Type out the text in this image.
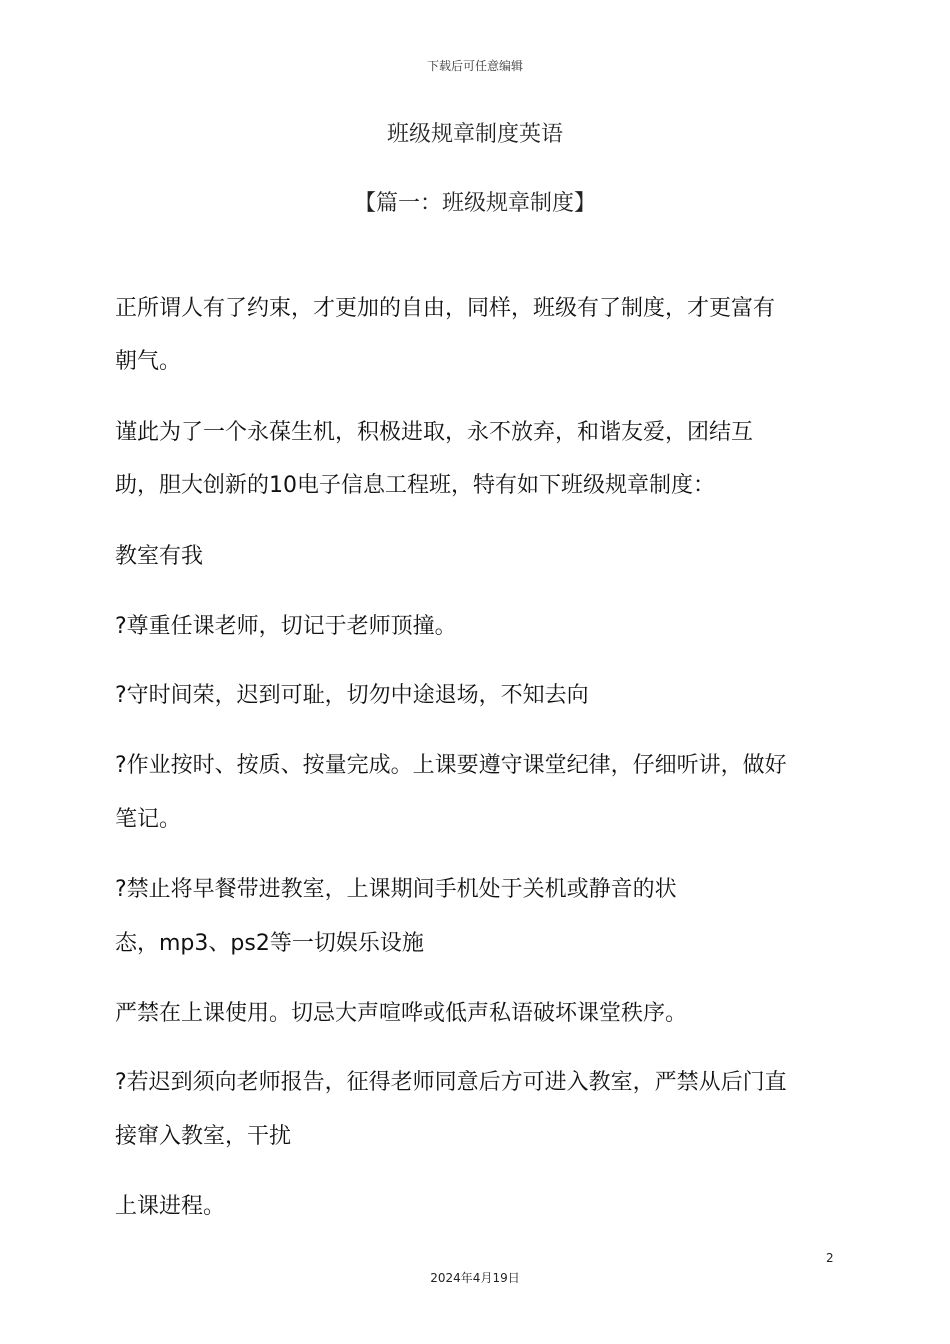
下载后可任意编辑
班级规章制度英语
【篇一：班级规章制度】
正所谓人有了约束，才更加的自由，同样，班级有了制度，才更富有
朝气。
谨此为了一个永葆生机，积极进取，永不放弃，和谐友爱，团结互
助，胆大创新的10电子信息工程班，特有如下班级规章制度：
教室有我
?尊重任课老师，切记于老师顶撞。
?守时间荣，迟到可耻，切勿中途退场，不知去向
?作业按时、按质、按量完成。上课要遵守课堂纪律，仔细听讲，做好
笔记。
?禁止将早餐带进教室，上课期间手机处于关机或静音的状
态，mp3、ps2等一切娱乐设施
严禁在上课使用。切忌大声喧哗或低声私语破坏课堂秩序。
?若迟到须向老师报告，征得老师同意后方可进入教室，严禁从后门直
接窜入教室，干扰
上课进程。
2
2024年4月19日
